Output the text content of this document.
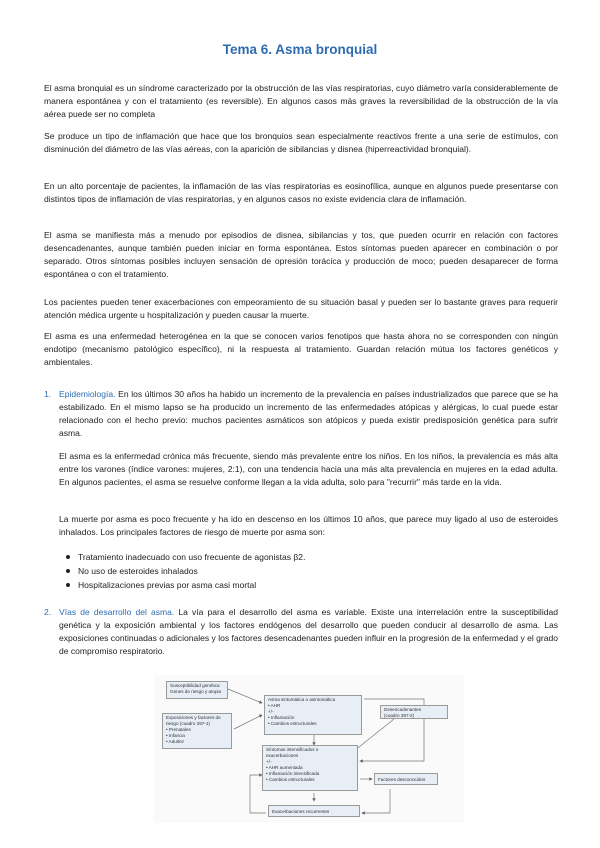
Tema 6. Asma bronquial

El asma bronquial es un síndrome caracterizado por la obstrucción de las vías respiratorias, cuyo diámetro varía considerablemente de manera espontánea y con el tratamiento (es reversible). En algunos casos más graves la reversibilidad de la obstrucción de la vía aérea puede ser no completa

Se produce un tipo de inflamación que hace que los bronquios sean especialmente reactivos frente a una serie de estímulos, con disminución del diámetro de las vías aéreas, con la aparición de sibilancias y disnea (hiperreactividad bronquial).

En un alto porcentaje de pacientes, la inflamación de las vías respiratorias es eosinofílica, aunque en algunos puede presentarse con distintos tipos de inflamación de vías respiratorias, y en algunos casos no existe evidencia clara de inflamación.

El asma se manifiesta más a menudo por episodios de disnea, sibilancias y tos, que pueden ocurrir en relación con factores desencadenantes, aunque también pueden iniciar en forma espontánea. Estos síntomas pueden aparecer en combinación o por separado. Otros síntomas posibles incluyen sensación de opresión torácica y producción de moco; pueden desaparecer de forma espontánea o con el tratamiento.

Los pacientes pueden tener exacerbaciones con empeoramiento de su situación basal y pueden ser lo bastante graves para requerir atención médica urgente u hospitalización y pueden causar la muerte.

El asma es una enfermedad heterogénea en la que se conocen varios fenotipos que hasta ahora no se corresponden con ningún endotipo (mecanismo patológico específico), ni la respuesta al tratamiento. Guardan relación mútua los factores genéticos y ambientales.

1. Epidemiología. En los últimos 30 años ha habido un incremento de la prevalencia en países industrializados que parece que se ha estabilizado. En el mismo lapso se ha producido un incremento de las enfermedades atópicas y alérgicas, lo cual puede estar relacionado con el hecho previo: muchos pacientes asmáticos son atópicos y pueda existir predisposición genética para sufrir asma.

El asma es la enfermedad crónica más frecuente, siendo más prevalente entre los niños. En los niños, la prevalencia es más alta entre los varones (índice varones: mujeres, 2:1), con una tendencia hacia una más alta prevalencia en mujeres en la edad adulta. En algunos pacientes, el asma se resuelve conforme llegan a la vida adulta, solo para "recurrir" más tarde en la vida.

La muerte por asma es poco frecuente y ha ido en descenso en los últimos 10 años, que parece muy ligado al uso de esteroides inhalados. Los principales factores de riesgo de muerte por asma son:

Tratamiento inadecuado con uso frecuente de agonistas β2.
No uso de esteroides inhalados
Hospitalizaciones previas por asma casi mortal
2. Vías de desarrollo del asma. La vía para el desarrollo del asma es variable. Existe una interrelación entre la susceptibilidad genética y la exposición ambiental y los factores endógenos del desarrollo que pueden conducir al desarrollo de asma. Las exposiciones continuadas o adicionales y los factores desencadenantes pueden influir en la progresión de la enfermedad y el grado de compromiso respiratorio.

Susceptibilidad genética
Genes de riesgo y atopia
Exposiciones y factores de
riesgo (cuadro 287-1)
• Prenatales
• Infancia
• Adultez
Asma sintomática o asintomática
• AHR
+/-
• Inflamación
• Cambios estructurales
Desencadenantes
(cuadro 287-2)
Síntomas intensificados o
exacerbaciones
+/-
• AHR aumentada
• Inflamación intensificada
• Cambios estructurales	Factores desconocidos
Exacerbaciones recurrentes
